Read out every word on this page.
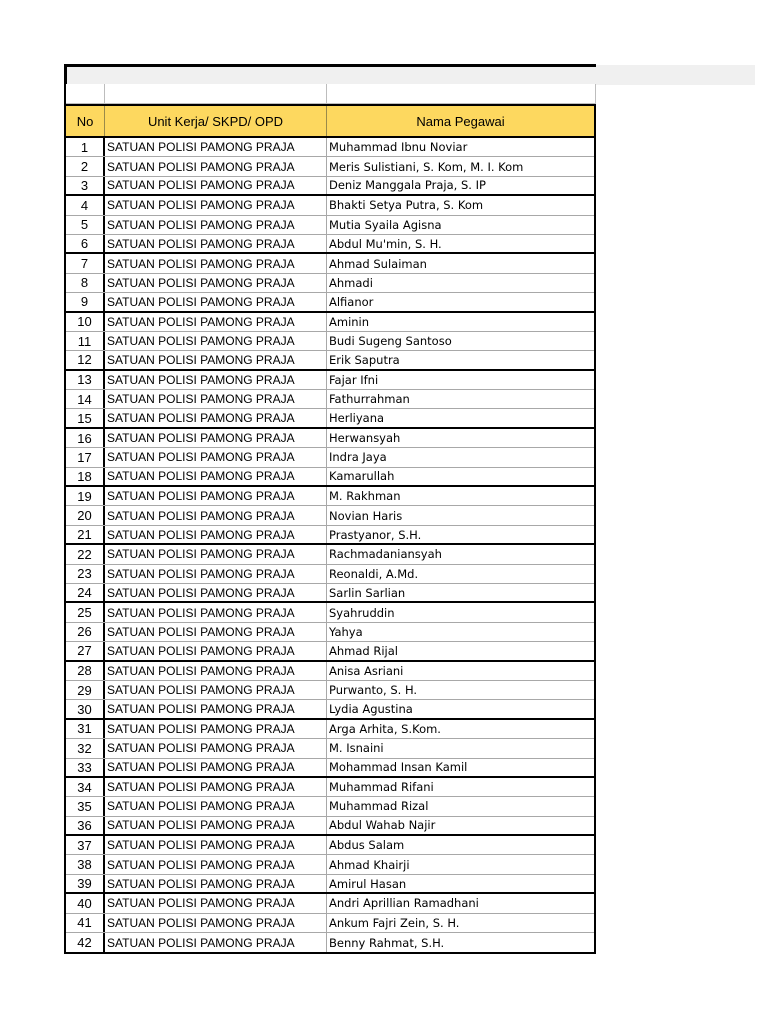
No	Unit Kerja/ SKPD/ OPD	Nama Pegawai
1	SATUAN POLISI PAMONG PRAJA	Muhammad Ibnu Noviar
2	SATUAN POLISI PAMONG PRAJA	Meris Sulistiani, S. Kom, M. I. Kom
3	SATUAN POLISI PAMONG PRAJA	Deniz Manggala Praja, S. IP
4	SATUAN POLISI PAMONG PRAJA	Bhakti Setya Putra, S. Kom
5	SATUAN POLISI PAMONG PRAJA	Mutia Syaila Agisna
6	SATUAN POLISI PAMONG PRAJA	Abdul Mu'min, S. H.
7	SATUAN POLISI PAMONG PRAJA	Ahmad Sulaiman
8	SATUAN POLISI PAMONG PRAJA	Ahmadi
9	SATUAN POLISI PAMONG PRAJA	Alfianor
10	SATUAN POLISI PAMONG PRAJA	Aminin
11	SATUAN POLISI PAMONG PRAJA	Budi Sugeng Santoso
12	SATUAN POLISI PAMONG PRAJA	Erik Saputra
13	SATUAN POLISI PAMONG PRAJA	Fajar Ifni
14	SATUAN POLISI PAMONG PRAJA	Fathurrahman
15	SATUAN POLISI PAMONG PRAJA	Herliyana
16	SATUAN POLISI PAMONG PRAJA	Herwansyah
17	SATUAN POLISI PAMONG PRAJA	Indra Jaya
18	SATUAN POLISI PAMONG PRAJA	Kamarullah
19	SATUAN POLISI PAMONG PRAJA	M. Rakhman
20	SATUAN POLISI PAMONG PRAJA	Novian Haris
21	SATUAN POLISI PAMONG PRAJA	Prastyanor, S.H.
22	SATUAN POLISI PAMONG PRAJA	Rachmadaniansyah
23	SATUAN POLISI PAMONG PRAJA	Reonaldi, A.Md.
24	SATUAN POLISI PAMONG PRAJA	Sarlin Sarlian
25	SATUAN POLISI PAMONG PRAJA	Syahruddin
26	SATUAN POLISI PAMONG PRAJA	Yahya
27	SATUAN POLISI PAMONG PRAJA	Ahmad Rijal
28	SATUAN POLISI PAMONG PRAJA	Anisa Asriani
29	SATUAN POLISI PAMONG PRAJA	Purwanto, S. H.
30	SATUAN POLISI PAMONG PRAJA	Lydia Agustina
31	SATUAN POLISI PAMONG PRAJA	Arga Arhita, S.Kom.
32	SATUAN POLISI PAMONG PRAJA	M. Isnaini
33	SATUAN POLISI PAMONG PRAJA	Mohammad Insan Kamil
34	SATUAN POLISI PAMONG PRAJA	Muhammad Rifani
35	SATUAN POLISI PAMONG PRAJA	Muhammad Rizal
36	SATUAN POLISI PAMONG PRAJA	Abdul Wahab Najir
37	SATUAN POLISI PAMONG PRAJA	Abdus Salam
38	SATUAN POLISI PAMONG PRAJA	Ahmad Khairji
39	SATUAN POLISI PAMONG PRAJA	Amirul Hasan
40	SATUAN POLISI PAMONG PRAJA	Andri Aprillian Ramadhani
41	SATUAN POLISI PAMONG PRAJA	Ankum Fajri Zein, S. H.
42	SATUAN POLISI PAMONG PRAJA	Benny Rahmat, S.H.
